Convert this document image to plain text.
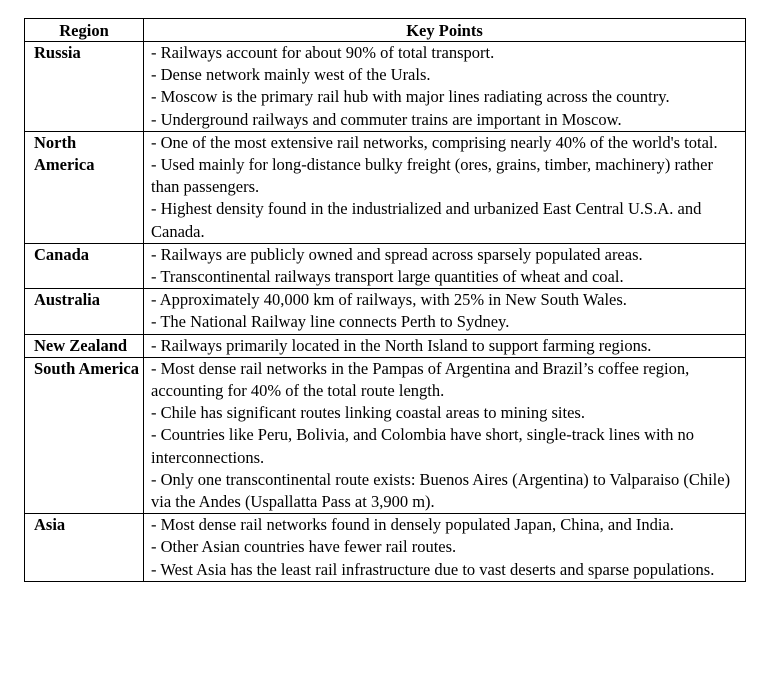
Region	Key Points
Russia	- Railways account for about 90% of total transport.
- Dense network mainly west of the Urals.
- Moscow is the primary rail hub with major lines radiating across the country.
- Underground railways and commuter trains are important in Moscow.

North America	- One of the most extensive rail networks, comprising nearly 40% of the world's total.
- Used mainly for long-distance bulky freight (ores, grains, timber, machinery) rather than passengers.
- Highest density found in the industrialized and urbanized East Central U.S.A. and Canada.

Canada	- Railways are publicly owned and spread across sparsely populated areas.
- Transcontinental railways transport large quantities of wheat and coal.

Australia	- Approximately 40,000 km of railways, with 25% in New South Wales.
- The National Railway line connects Perth to Sydney.

New Zealand	- Railways primarily located in the North Island to support farming regions.

South America	- Most dense rail networks in the Pampas of Argentina and Brazil’s coffee region, accounting for 40% of the total route length.
- Chile has significant routes linking coastal areas to mining sites.
- Countries like Peru, Bolivia, and Colombia have short, single-track lines with no interconnections.
- Only one transcontinental route exists: Buenos Aires (Argentina) to Valparaiso (Chile) via the Andes (Uspallatta Pass at 3,900 m).

Asia	- Most dense rail networks found in densely populated Japan, China, and India.
- Other Asian countries have fewer rail routes.
- West Asia has the least rail infrastructure due to vast deserts and sparse populations.
